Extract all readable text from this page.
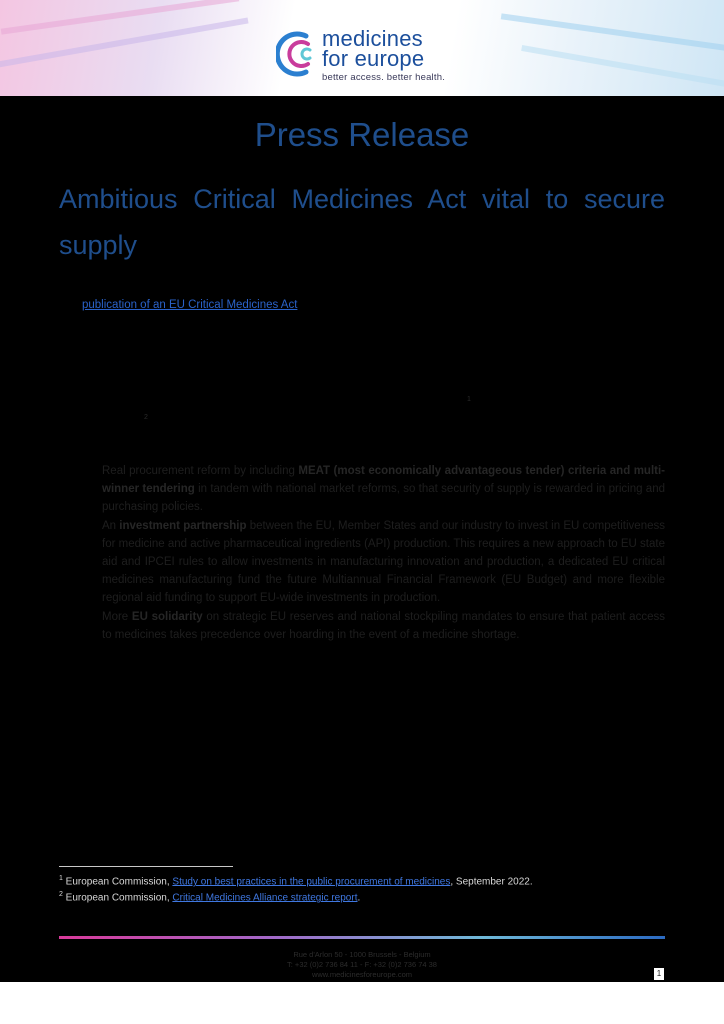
medicines
for europe
better access. better health.
Press Release
Ambitious Critical Medicines Act vital to secure supply
publication of an EU Critical Medicines Act
1
2

Real procurement reform by including MEAT (most economically advantageous tender) criteria and multi-winner tendering in tandem with national market reforms, so that security of supply is rewarded in pricing and purchasing policies.

An investment partnership between the EU, Member States and our industry to invest in EU competitiveness for medicine and active pharmaceutical ingredients (API) production. This requires a new approach to EU state aid and IPCEI rules to allow investments in manufacturing innovation and production, a dedicated EU critical medicines manufacturing fund the future Multiannual Financial Framework (EU Budget) and more flexible regional aid funding to support EU-wide investments in production.

More EU solidarity on strategic EU reserves and national stockpiling mandates to ensure that patient access to medicines takes precedence over hoarding in the event of a medicine shortage.

$^1$ European Commission, Study on best practices in the public procurement of medicines, September 2022.
$^2$ European Commission, Critical Medicines Alliance strategic report.
Rue d'Arlon 50 - 1000 Brussels - Belgium
T: +32 (0)2 736 84 11 - F: +32 (0)2 736 74 38
www.medicinesforeurope.com	1
